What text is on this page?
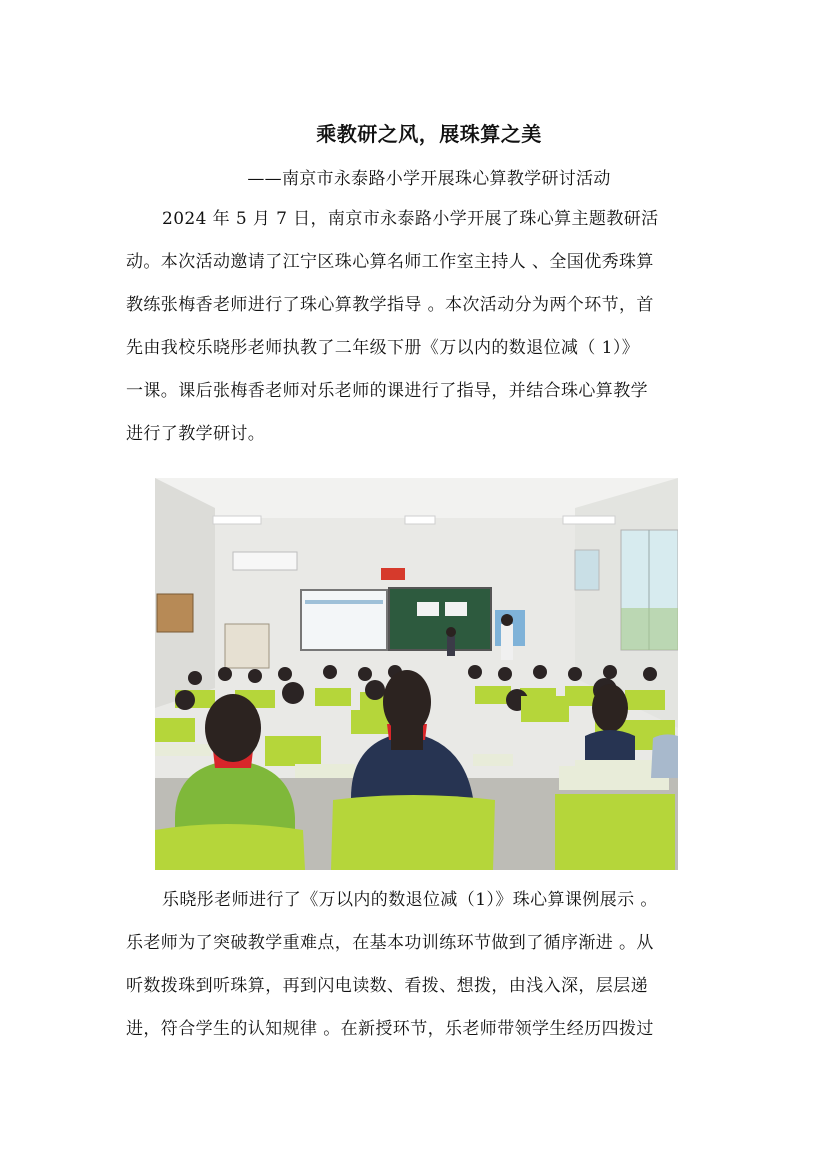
乘教研之风，展珠算之美
——南京市永泰路小学开展珠心算教学研讨活动
2024 年 5 月 7 日，南京市永泰路小学开展了珠心算主题教研活
动。本次活动邀请了江宁区珠心算名师工作室主持人 、全国优秀珠算
教练张梅香老师进行了珠心算教学指导 。本次活动分为两个环节，首
先由我校乐晓彤老师执教了二年级下册《万以内的数退位减（ 1）》
一课。课后张梅香老师对乐老师的课进行了指导，并结合珠心算教学
进行了教学研讨。
乐晓彤老师进行了《万以内的数退位减（1）》珠心算课例展示 。
乐老师为了突破教学重难点，在基本功训练环节做到了循序渐进 。从
听数拨珠到听珠算，再到闪电读数、看拨、想拨，由浅入深，层层递
进，符合学生的认知规律 。在新授环节，乐老师带领学生经历四拨过
